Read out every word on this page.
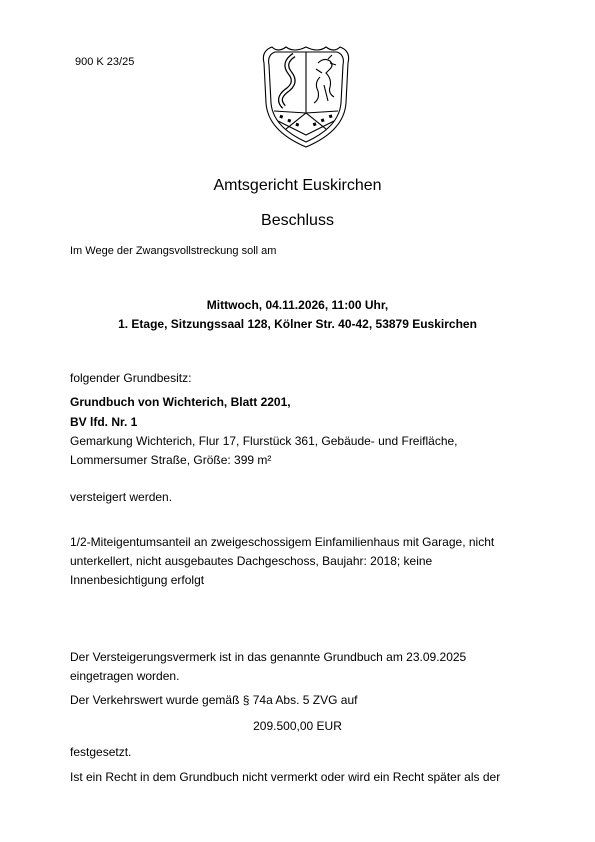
900 K 23/25
Amtsgericht Euskirchen
Beschluss
Im Wege der Zwangsvollstreckung soll am
Mittwoch, 04.11.2026, 11:00 Uhr,
1. Etage, Sitzungssaal 128, Kölner Str. 40-42, 53879 Euskirchen
folgender Grundbesitz:
Grundbuch von Wichterich, Blatt 2201,
BV lfd. Nr. 1
Gemarkung Wichterich, Flur 17, Flurstück 361, Gebäude- und Freifläche,
Lommersumer Straße, Größe: 399 m²
versteigert werden.
1/2-Miteigentumsanteil an zweigeschossigem Einfamilienhaus mit Garage, nicht
unterkellert, nicht ausgebautes Dachgeschoss, Baujahr: 2018; keine
Innenbesichtigung erfolgt
Der Versteigerungsvermerk ist in das genannte Grundbuch am 23.09.2025
eingetragen worden.
Der Verkehrswert wurde gemäß § 74a Abs. 5 ZVG auf
209.500,00 EUR
festgesetzt.
Ist ein Recht in dem Grundbuch nicht vermerkt oder wird ein Recht später als der
